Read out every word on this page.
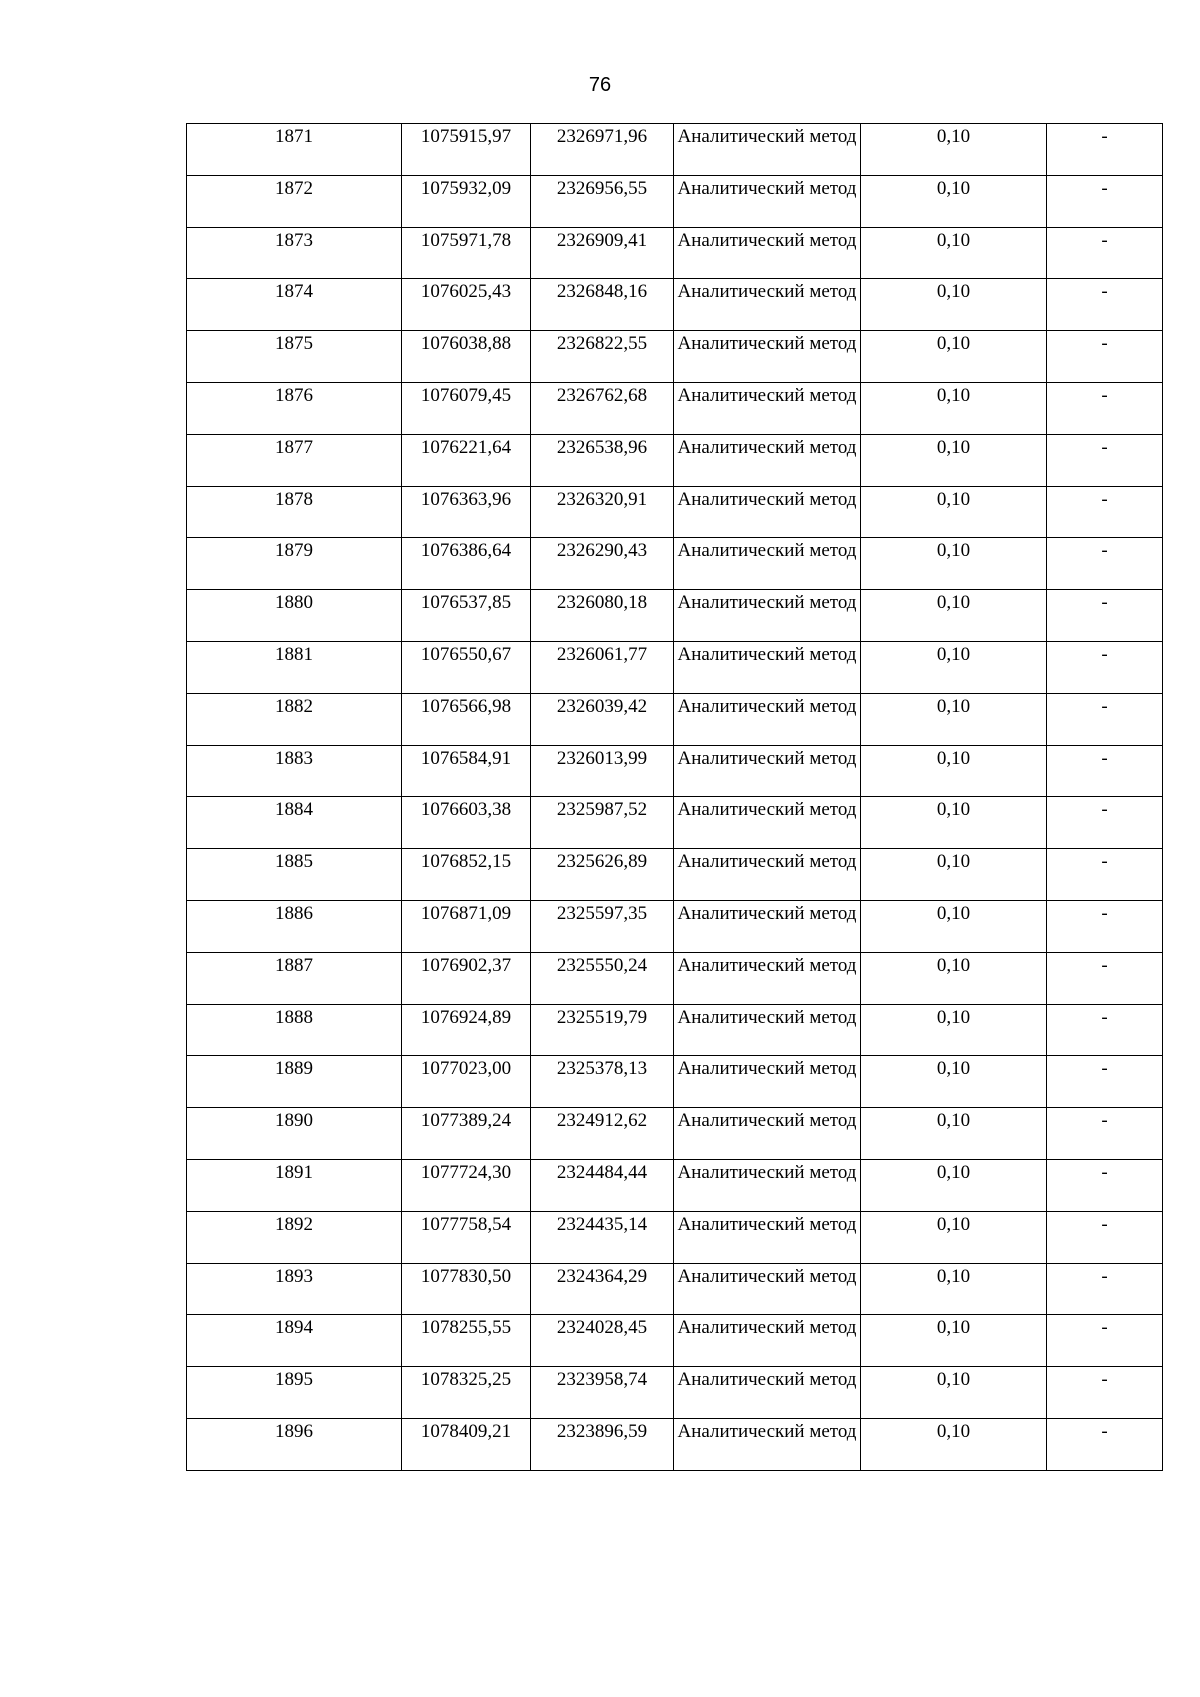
76
1871	1075915,97	2326971,96	Аналитический метод	0,10	-

1872	1075932,09	2326956,55	Аналитический метод	0,10	-

1873	1075971,78	2326909,41	Аналитический метод	0,10	-

1874	1076025,43	2326848,16	Аналитический метод	0,10	-

1875	1076038,88	2326822,55	Аналитический метод	0,10	-

1876	1076079,45	2326762,68	Аналитический метод	0,10	-

1877	1076221,64	2326538,96	Аналитический метод	0,10	-

1878	1076363,96	2326320,91	Аналитический метод	0,10	-

1879	1076386,64	2326290,43	Аналитический метод	0,10	-

1880	1076537,85	2326080,18	Аналитический метод	0,10	-

1881	1076550,67	2326061,77	Аналитический метод	0,10	-

1882	1076566,98	2326039,42	Аналитический метод	0,10	-

1883	1076584,91	2326013,99	Аналитический метод	0,10	-

1884	1076603,38	2325987,52	Аналитический метод	0,10	-

1885	1076852,15	2325626,89	Аналитический метод	0,10	-

1886	1076871,09	2325597,35	Аналитический метод	0,10	-

1887	1076902,37	2325550,24	Аналитический метод	0,10	-

1888	1076924,89	2325519,79	Аналитический метод	0,10	-

1889	1077023,00	2325378,13	Аналитический метод	0,10	-

1890	1077389,24	2324912,62	Аналитический метод	0,10	-

1891	1077724,30	2324484,44	Аналитический метод	0,10	-

1892	1077758,54	2324435,14	Аналитический метод	0,10	-

1893	1077830,50	2324364,29	Аналитический метод	0,10	-

1894	1078255,55	2324028,45	Аналитический метод	0,10	-

1895	1078325,25	2323958,74	Аналитический метод	0,10	-

1896	1078409,21	2323896,59	Аналитический метод	0,10	-
